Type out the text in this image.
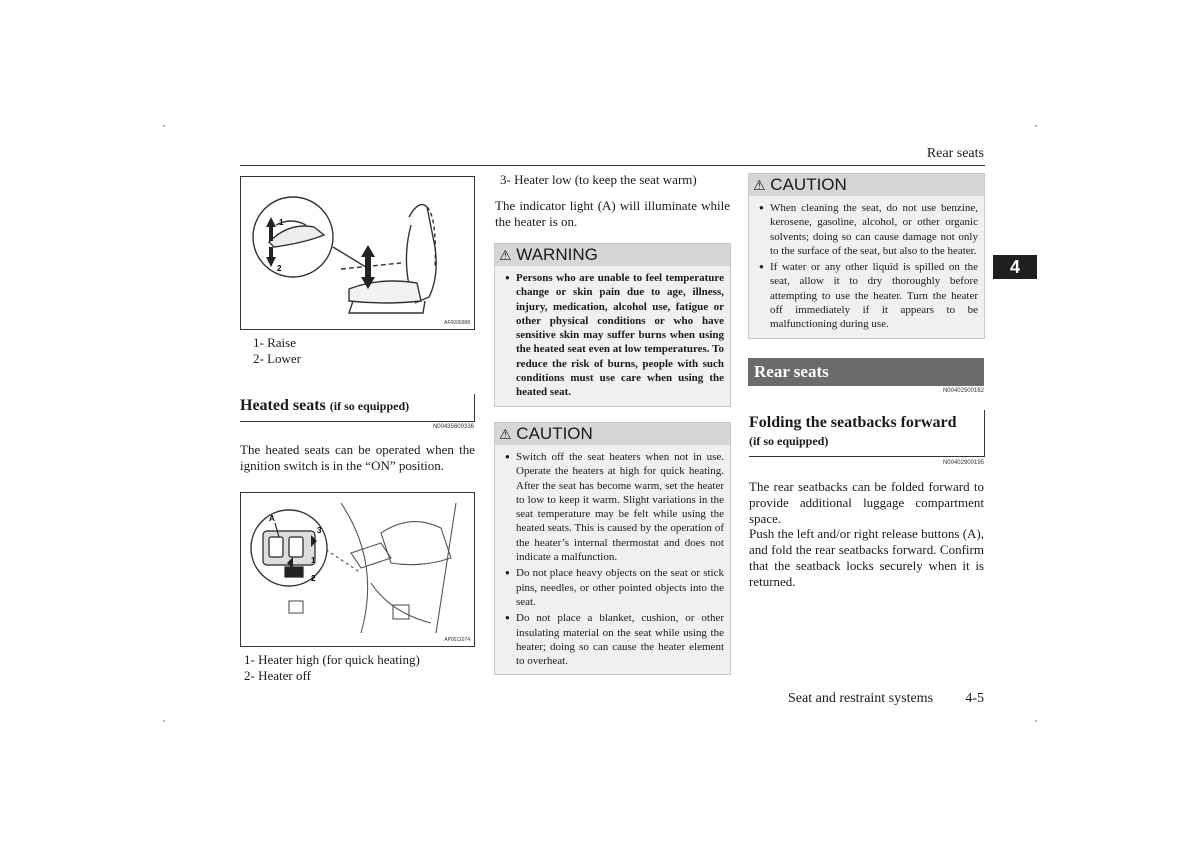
Rear seats
4
1
2
AF0006988
1- Raise
2- Lower
Heated seats (if so equipped)
N00435600336
The heated seats can be operated when the ignition switch is in the “ON” position.
A
3
1
2
AP0011074
1- Heater high (for quick heating)
2- Heater off
3- Heater low (to keep the seat warm)
The indicator light (A) will illuminate while the heater is on.
⚠ WARNING
● Persons who are unable to feel temperature change or skin pain due to age, illness, injury, medication, alcohol use, fatigue or other physical conditions or who have sensitive skin may suffer burns when using the heated seat even at low temperatures. To reduce the risk of burns, people with such conditions must use care when using the heated seat.
⚠ CAUTION
● Switch off the seat heaters when not in use. Operate the heaters at high for quick heating. After the seat has become warm, set the heater to low to keep it warm. Slight variations in the seat temperature may be felt while using the heated seats. This is caused by the operation of the heater’s internal thermostat and does not indicate a malfunction.
● Do not place heavy objects on the seat or stick pins, needles, or other pointed objects into the seat.
● Do not place a blanket, cushion, or other insulating material on the seat while using the heater; doing so can cause the heater element to overheat.
⚠ CAUTION
● When cleaning the seat, do not use benzine, kerosene, gasoline, alcohol, or other organic solvents; doing so can cause damage not only to the surface of the seat, but also to the heater.
● If water or any other liquid is spilled on the seat, allow it to dry thoroughly before attempting to use the heater. Turn the heater off immediately if it appears to be malfunctioning during use.
Rear seats
N00402500162
Folding the seatbacks forward
(if so equipped)
N00402900195
The rear seatbacks can be folded forward to provide additional luggage compartment space.
Push the left and/or right release buttons (A), and fold the rear seatbacks forward. Confirm that the seatback locks securely when it is returned.
Seat and restraint systems	4-5
